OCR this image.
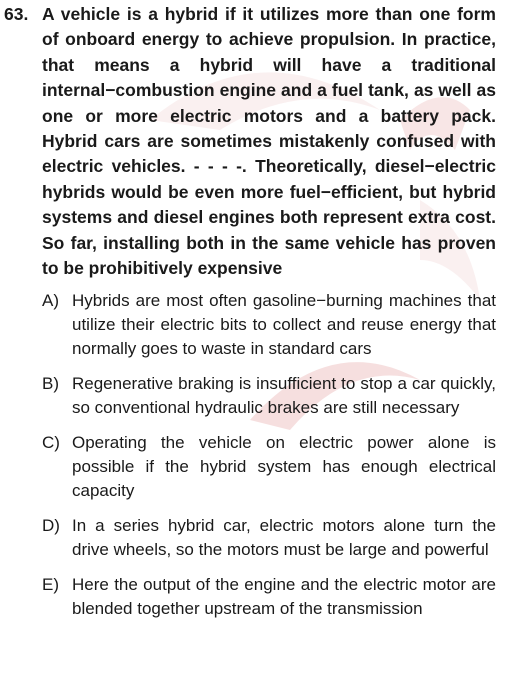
63. A vehicle is a hybrid if it utilizes more than one form of onboard energy to achieve propulsion. In practice, that means a hybrid will have a traditional internal−combustion engine and a fuel tank, as well as one or more electric motors and a battery pack. Hybrid cars are sometimes mistakenly confused with electric vehicles. - - - -. Theoretically, diesel−electric hybrids would be even more fuel−efficient, but hybrid systems and diesel engines both represent extra cost. So far, installing both in the same vehicle has proven to be prohibitively expensive

A) Hybrids are most often gasoline−burning machines that utilize their electric bits to collect and reuse energy that normally goes to waste in standard cars
B) Regenerative braking is insufficient to stop a car quickly, so conventional hydraulic brakes are still necessary
C) Operating the vehicle on electric power alone is possible if the hybrid system has enough electrical capacity
D) In a series hybrid car, electric motors alone turn the drive wheels, so the motors must be large and powerful
E) Here the output of the engine and the electric motor are blended together upstream of the transmission
